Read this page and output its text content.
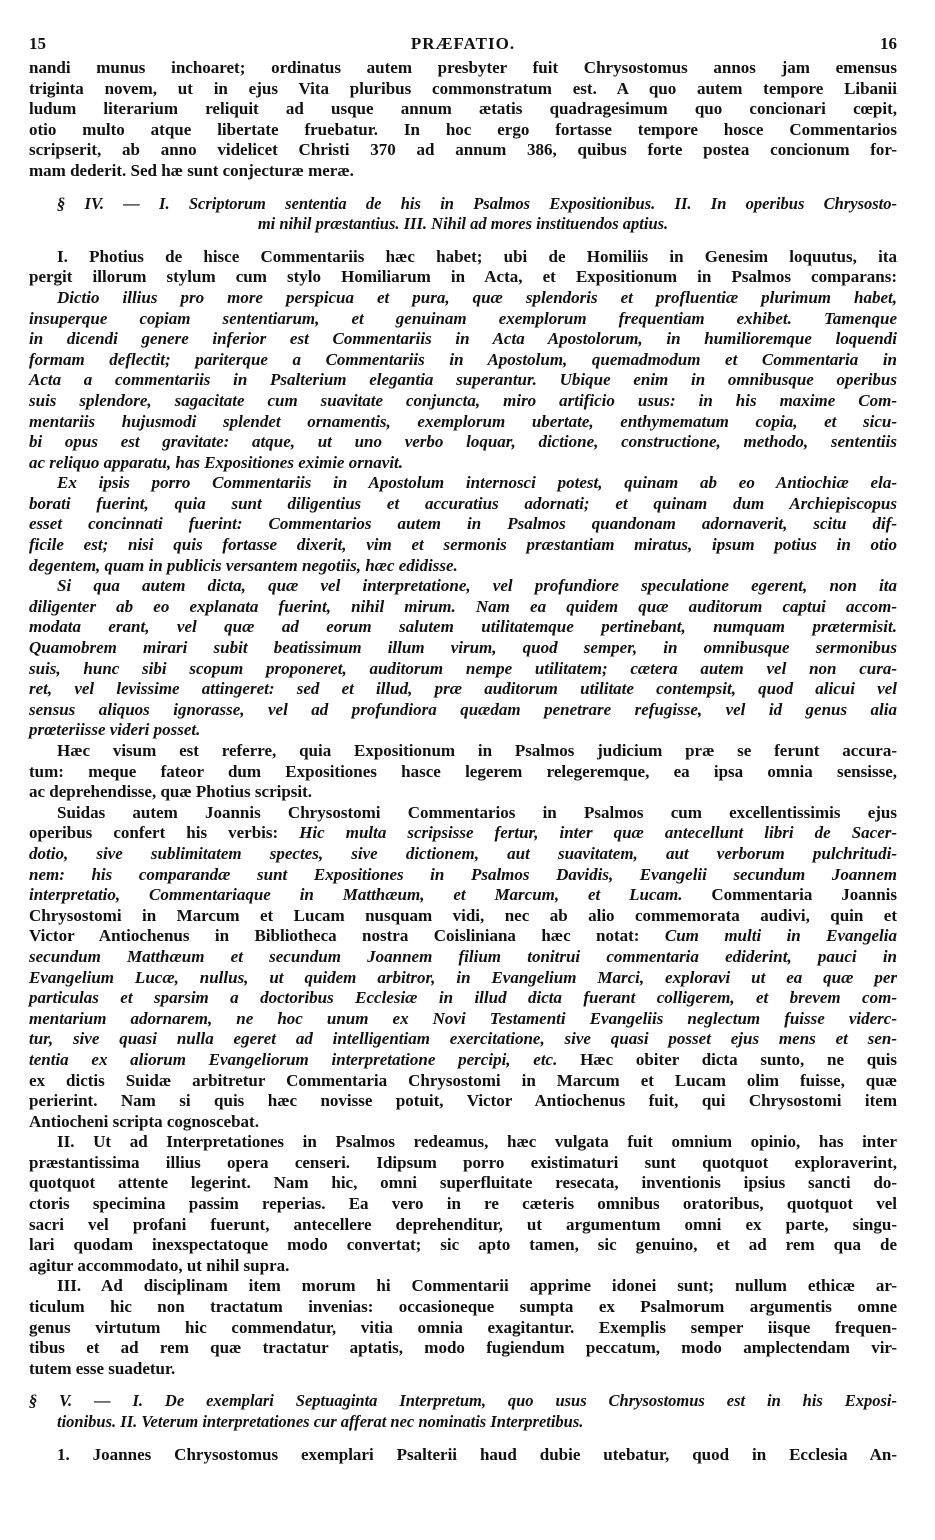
15	PRÆFATIO.	16
nandi munus inchoaret; ordinatus autem presbyter fuit Chrysostomus annos jam emensus
triginta novem, ut in ejus Vita pluribus commonstratum est. A quo autem tempore Libanii
ludum literarium reliquit ad usque annum ætatis quadragesimum quo concionari cœpit,
otio multo atque libertate fruebatur. In hoc ergo fortasse tempore hosce Commentarios
scripserit, ab anno videlicet Christi 370 ad annum 386, quibus forte postea concionum for-
mam dederit. Sed hæ sunt conjecturæ meræ.
§ IV. — I. Scriptorum sententia de his in Psalmos Expositionibus. II. In operibus Chrysosto-
mi nihil præstantius. III. Nihil ad mores instituendos aptius.
I. Photius de hisce Commentariis hæc habet; ubi de Homiliis in Genesim loquutus, ita
pergit illorum stylum cum stylo Homiliarum in Acta, et Expositionum in Psalmos comparans:
Dictio illius pro more perspicua et pura, quæ splendoris et profluentiæ plurimum habet,
insuperque copiam sententiarum, et genuinam exemplorum frequentiam exhibet. Tamenque
in dicendi genere inferior est Commentariis in Acta Apostolorum, in humilioremque loquendi
formam deflectit; pariterque a Commentariis in Apostolum, quemadmodum et Commentaria in
Acta a commentariis in Psalterium elegantia superantur. Ubique enim in omnibusque operibus
suis splendore, sagacitate cum suavitate conjuncta, miro artificio usus: in his maxime Com-
mentariis hujusmodi splendet ornamentis, exemplorum ubertate, enthymematum copia, et sicu-
bi opus est gravitate: atque, ut uno verbo loquar, dictione, constructione, methodo, sententiis
ac reliquo apparatu, has Expositiones eximie ornavit.
Ex ipsis porro Commentariis in Apostolum internosci potest, quinam ab eo Antiochiæ ela-
borati fuerint, quia sunt diligentius et accuratius adornati; et quinam dum Archiepiscopus
esset concinnati fuerint: Commentarios autem in Psalmos quandonam adornaverit, scitu dif-
ficile est; nisi quis fortasse dixerit, vim et sermonis præstantiam miratus, ipsum potius in otio
degentem, quam in publicis versantem negotiis, hæc edidisse.
Si qua autem dicta, quæ vel interpretatione, vel profundiore speculatione egerent, non ita
diligenter ab eo explanata fuerint, nihil mirum. Nam ea quidem quæ auditorum captui accom-
modata erant, vel quæ ad eorum salutem utilitatemque pertinebant, numquam prætermisit.
Quamobrem mirari subit beatissimum illum virum, quod semper, in omnibusque sermonibus
suis, hunc sibi scopum proponeret, auditorum nempe utilitatem; cætera autem vel non cura-
ret, vel levissime attingeret: sed et illud, præ auditorum utilitate contempsit, quod alicui vel
sensus aliquos ignorasse, vel ad profundiora quædam penetrare refugisse, vel id genus alia
prœteriisse videri posset.
Hæc visum est referre, quia Expositionum in Psalmos judicium præ se ferunt accura-
tum: meque fateor dum Expositiones hasce legerem relegeremque, ea ipsa omnia sensisse,
ac deprehendisse, quæ Photius scripsit.
Suidas autem Joannis Chrysostomi Commentarios in Psalmos cum excellentissimis ejus
operibus confert his verbis: Hic multa scripsisse fertur, inter quæ antecellunt libri de Sacer-
dotio, sive sublimitatem spectes, sive dictionem, aut suavitatem, aut verborum pulchritudi-
nem: his comparandæ sunt Expositiones in Psalmos Davidis, Evangelii secundum Joannem
interpretatio, Commentariaque in Matthæum, et Marcum, et Lucam. Commentaria Joannis
Chrysostomi in Marcum et Lucam nusquam vidi, nec ab alio commemorata audivi, quin et
Victor Antiochenus in Bibliotheca nostra Coisliniana hæc notat: Cum multi in Evangelia
secundum Matthæum et secundum Joannem filium tonitrui commentaria ediderint, pauci in
Evangelium Lucæ, nullus, ut quidem arbitror, in Evangelium Marci, exploravi ut ea quæ per
particulas et sparsim a doctoribus Ecclesiæ in illud dicta fuerant colligerem, et brevem com-
mentarium adornarem, ne hoc unum ex Novi Testamenti Evangeliis neglectum fuisse viderc-
tur, sive quasi nulla egeret ad intelligentiam exercitatione, sive quasi posset ejus mens et sen-
tentia ex aliorum Evangeliorum interpretatione percipi, etc. Hæc obiter dicta sunto, ne quis
ex dictis Suidæ arbitretur Commentaria Chrysostomi in Marcum et Lucam olim fuisse, quæ
perierint. Nam si quis hæc novisse potuit, Victor Antiochenus fuit, qui Chrysostomi item
Antiocheni scripta cognoscebat.
II. Ut ad Interpretationes in Psalmos redeamus, hæc vulgata fuit omnium opinio, has inter
præstantissima illius opera censeri. Idipsum porro existimaturi sunt quotquot exploraverint,
quotquot attente legerint. Nam hic, omni superfluitate resecata, inventionis ipsius sancti do-
ctoris specimina passim reperias. Ea vero in re cæteris omnibus oratoribus, quotquot vel
sacri vel profani fuerunt, antecellere deprehenditur, ut argumentum omni ex parte, singu-
lari quodam inexspectatoque modo convertat; sic apto tamen, sic genuino, et ad rem qua de
agitur accommodato, ut nihil supra.
III. Ad disciplinam item morum hi Commentarii apprime idonei sunt; nullum ethicæ ar-
ticulum hic non tractatum invenias: occasioneque sumpta ex Psalmorum argumentis omne
genus virtutum hic commendatur, vitia omnia exagitantur. Exemplis semper iisque frequen-
tibus et ad rem quæ tractatur aptatis, modo fugiendum peccatum, modo amplectendam vir-
tutem esse suadetur.
§ V. — I. De exemplari Septuaginta Interpretum, quo usus Chrysostomus est in his Exposi-
tionibus. II. Veterum interpretationes cur afferat nec nominatis Interpretibus.
1. Joannes Chrysostomus exemplari Psalterii haud dubie utebatur, quod in Ecclesia An-
